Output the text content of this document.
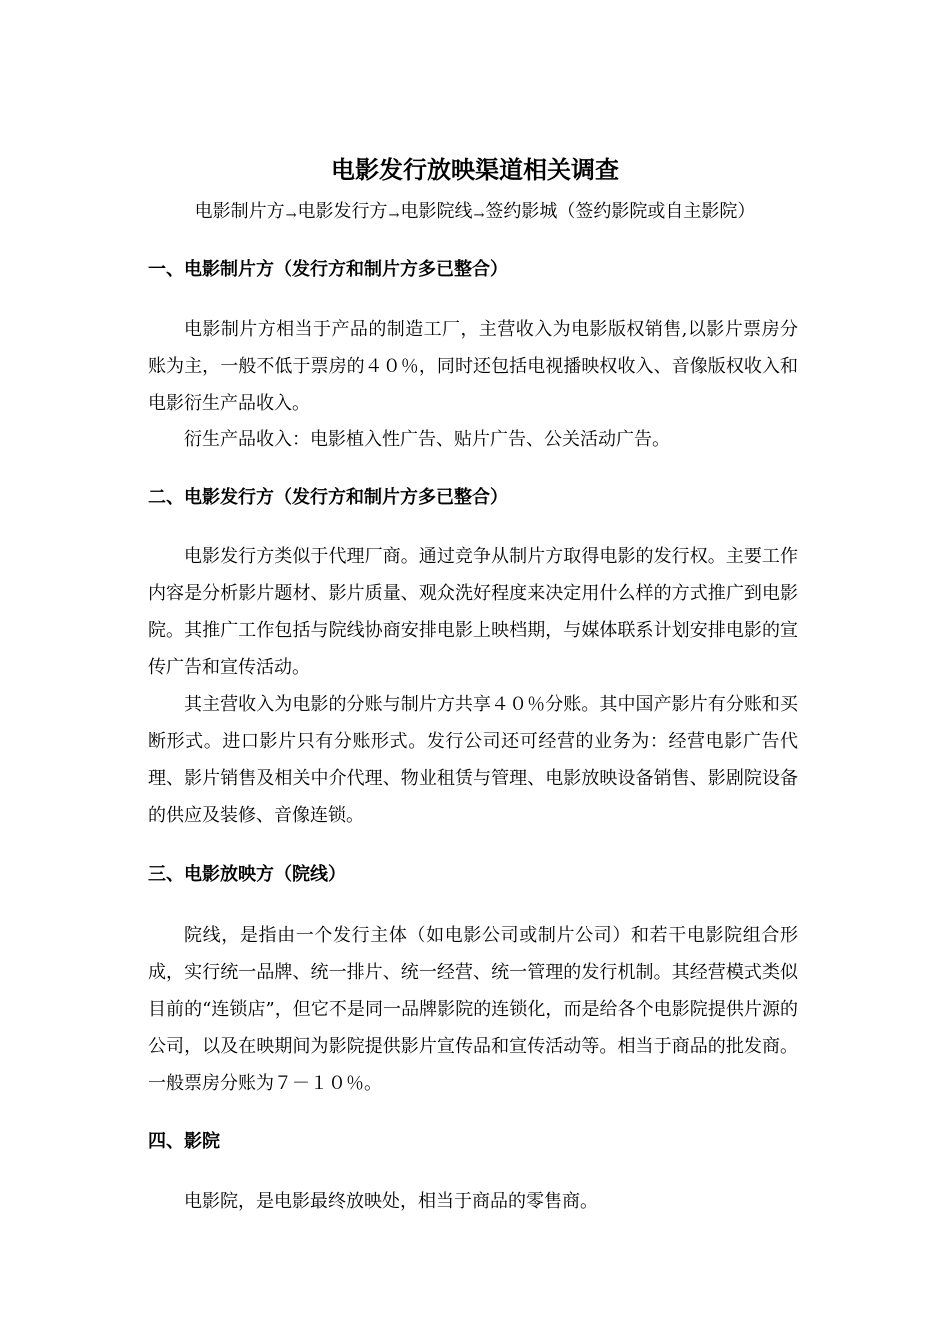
电影发行放映渠道相关调查

电影制片方→电影发行方→电影院线→签约影城（签约影院或自主影院）

一、电影制片方（发行方和制片方多已整合）

电影制片方相当于产品的制造工厂，主营收入为电影版权销售,以影片票房分账为主，一般不低于票房的４０％，同时还包括电视播映权收入、音像版权收入和电影衍生产品收入。

衍生产品收入：电影植入性广告、贴片广告、公关活动广告。

二、电影发行方（发行方和制片方多已整合）

电影发行方类似于代理厂商。通过竞争从制片方取得电影的发行权。主要工作内容是分析影片题材、影片质量、观众洗好程度来决定用什么样的方式推广到电影院。其推广工作包括与院线协商安排电影上映档期，与媒体联系计划安排电影的宣传广告和宣传活动。

其主营收入为电影的分账与制片方共享４０％分账。其中国产影片有分账和买断形式。进口影片只有分账形式。发行公司还可经营的业务为：经营电影广告代理、影片销售及相关中介代理、物业租赁与管理、电影放映设备销售、影剧院设备的供应及装修、音像连锁。

三、电影放映方（院线）

院线，是指由一个发行主体（如电影公司或制片公司）和若干电影院组合形成，实行统一品牌、统一排片、统一经营、统一管理的发行机制。其经营模式类似目前的“连锁店”，但它不是同一品牌影院的连锁化，而是给各个电影院提供片源的公司，以及在映期间为影院提供影片宣传品和宣传活动等。相当于商品的批发商。一般票房分账为７－１０％。

四、影院

电影院，是电影最终放映处，相当于商品的零售商。
